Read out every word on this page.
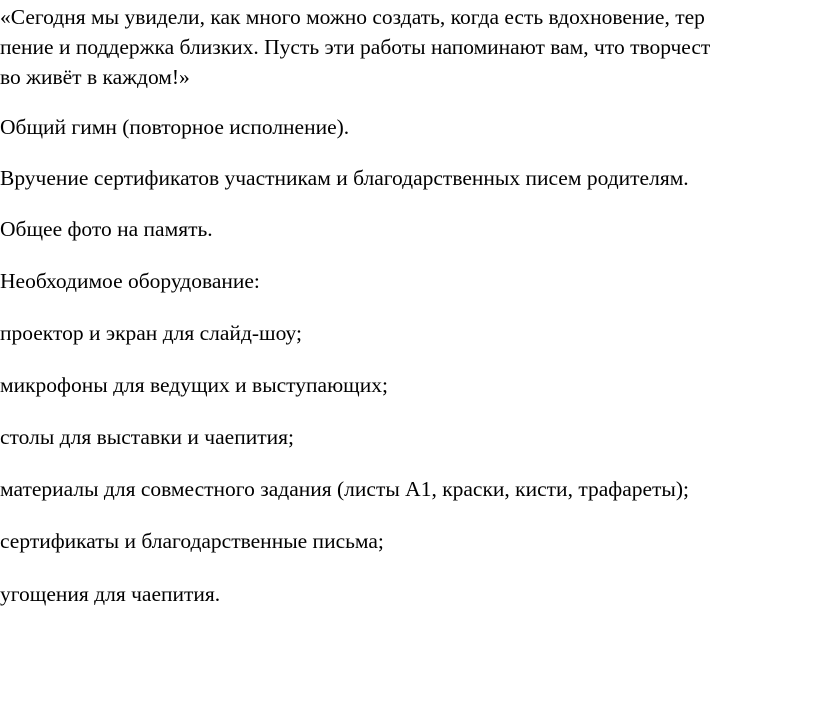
«Сегодня мы увидели, как много можно создать, когда есть вдохновение, тер
пение и поддержка близких. Пусть эти работы напоминают вам, что творчест
во живёт в каждом!»

Общий гимн (повторное исполнение).

Вручение сертификатов участникам и благодарственных писем родителям.

Общее фото на память.

Необходимое оборудование:

проектор и экран для слайд-шоу;

микрофоны для ведущих и выступающих;

столы для выставки и чаепития;

материалы для совместного задания (листы А1, краски, кисти, трафареты);

сертификаты и благодарственные письма;

угощения для чаепития.
